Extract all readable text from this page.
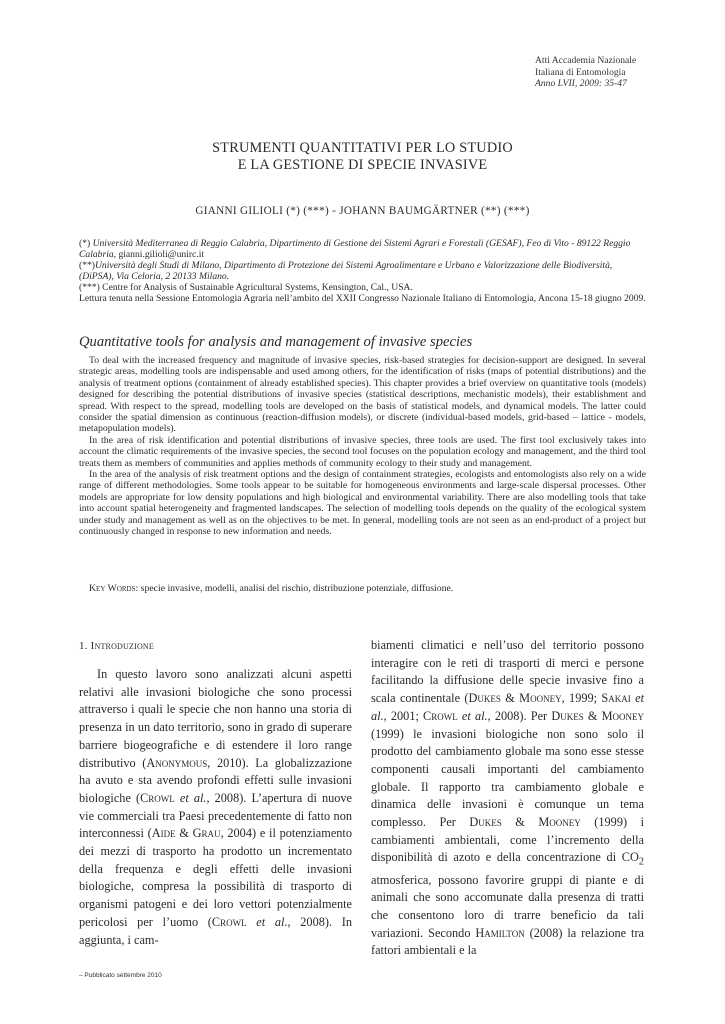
Atti Accademia Nazionale
Italiana di Entomologia
Anno LVII, 2009: 35-47
STRUMENTI QUANTITATIVI PER LO STUDIO
E LA GESTIONE DI SPECIE INVASIVE
GIANNI GILIOLI (*) (***) - JOHANN BAUMGÄRTNER (**) (***)

(*) Università Mediterranea di Reggio Calabria, Dipartimento di Gestione dei Sistemi Agrari e Forestali (GESAF), Feo di Vito - 89122 Reggio Calabria, gianni.gilioli@unirc.it

(**)Università degli Studi di Milano, Dipartimento di Protezione dei Sistemi Agroalimentare e Urbano e Valorizzazione delle Biodiversità, (DiPSA), Via Celoria, 2 20133 Milano.

(***) Centre for Analysis of Sustainable Agricultural Systems, Kensington, Cal., USA.

Lettura tenuta nella Sessione Entomologia Agraria nell’ambito del XXII Congresso Nazionale Italiano di Entomologia, Ancona 15-18 giugno 2009.

Quantitative tools for analysis and management of invasive species

To deal with the increased frequency and magnitude of invasive species, risk-based strategies for decision-support are designed. In several strategic areas, modelling tools are indispensable and used among others, for the identification of risks (maps of potential distributions) and the analysis of treatment options (containment of already established species). This chapter provides a brief overview on quantitative tools (models) designed for describing the potential distributions of invasive species (statistical descriptions, mechanistic models), their establishment and spread. With respect to the spread, modelling tools are developed on the basis of statistical models, and dynamical models. The latter could consider the spatial dimension as continuous (reaction-diffusion models), or discrete (individual-based models, grid-based – lattice - models, metapopulation models).

In the area of risk identification and potential distributions of invasive species, three tools are used. The first tool exclusively takes into account the climatic requirements of the invasive species, the second tool focuses on the population ecology and management, and the third tool treats them as members of communities and applies methods of community ecology to their study and management.

In the area of the analysis of risk treatment options and the design of containment strategies, ecologists and entomologists also rely on a wide range of different methodologies. Some tools appear to be suitable for homogeneous environments and large-scale dispersal processes. Other models are appropriate for low density populations and high biological and environmental variability. There are also modelling tools that take into account spatial heterogeneity and fragmented landscapes. The selection of modelling tools depends on the quality of the ecological system under study and management as well as on the objectives to be met. In general, modelling tools are not seen as an end-product of a project but continuously changed in response to new information and needs.

Key Words: specie invasive, modelli, analisi del rischio, distribuzione potenziale, diffusione.
1. Introduzione

In questo lavoro sono analizzati alcuni aspetti relativi alle invasioni biologiche che sono processi attraverso i quali le specie che non hanno una storia di presenza in un dato territorio, sono in grado di superare barriere biogeografiche e di estendere il loro range distributivo (Anonymous, 2010). La globalizzazione ha avuto e sta avendo profondi effetti sulle invasioni biologiche (Crowl et al., 2008). L’apertura di nuove vie commerciali tra Paesi precedentemente di fatto non interconnessi (Aide & Grau, 2004) e il potenziamento dei mezzi di trasporto ha prodotto un incrementato della frequenza e degli effetti delle invasioni biologiche, compresa la possibilità di trasporto di organismi patogeni e dei loro vettori potenzialmente pericolosi per l’uomo (Crowl et al., 2008). In aggiunta, i cam-

biamenti climatici e nell’uso del territorio possono interagire con le reti di trasporti di merci e persone facilitando la diffusione delle specie invasive fino a scala continentale (Dukes & Mooney, 1999; Sakai et al., 2001; Crowl et al., 2008). Per Dukes & Mooney (1999) le invasioni biologiche non sono solo il prodotto del cambiamento globale ma sono esse stesse componenti causali importanti del cambiamento globale. Il rapporto tra cambiamento globale e dinamica delle invasioni è comunque un tema complesso. Per Dukes & Mooney (1999) i cambiamenti ambientali, come l’incremento della disponibilità di azoto e della concentrazione di $CO_2$ atmosferica, possono favorire gruppi di piante e di animali che sono accomunate dalla presenza di tratti che consentono loro di trarre beneficio da tali variazioni. Secondo Hamilton (2008) la relazione tra fattori ambientali e la

– Pubblicato settembre 2010
